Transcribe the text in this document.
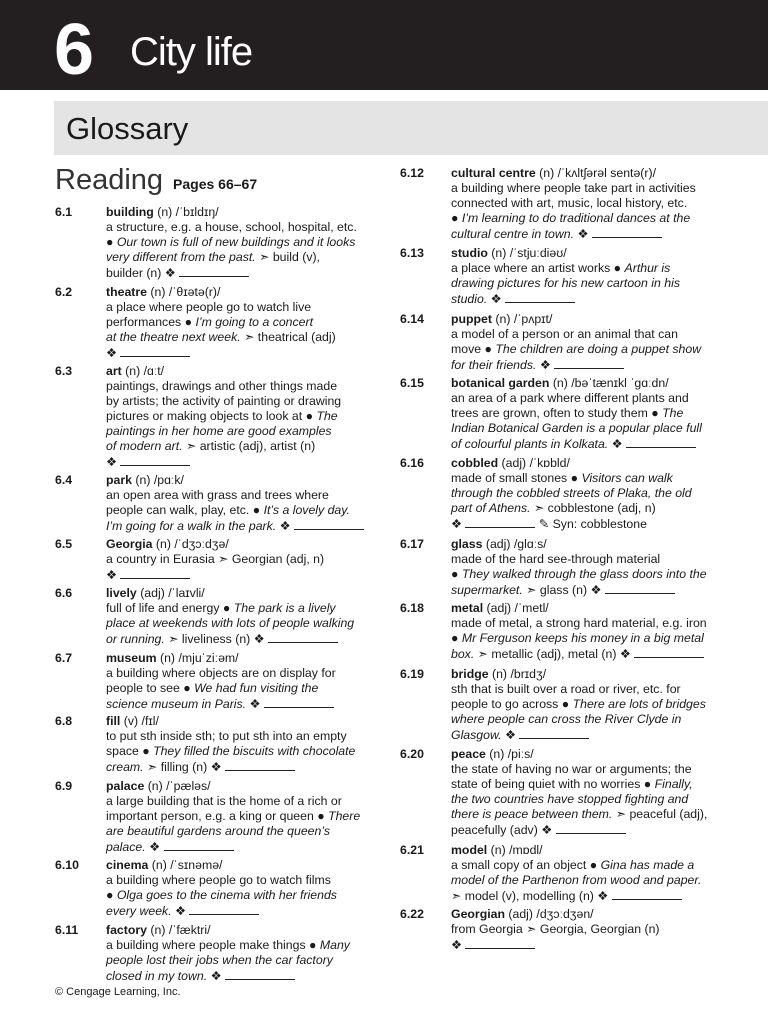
6 City life
Glossary
Reading Pages 66–67
6.1	building (n) /ˈbɪldɪŋ/
a structure, e.g. a house, school, hospital, etc.
● Our town is full of new buildings and it looks
very different from the past. ➣ build (v),
builder (n) ❖
6.2	theatre (n) /ˈθɪətə(r)/
a place where people go to watch live
performances ● I’m going to a concert
at the theatre next week. ➣ theatrical (adj)
❖
6.3	art (n) /ɑːt/
paintings, drawings and other things made
by artists; the activity of painting or drawing
pictures or making objects to look at ● The
paintings in her home are good examples
of modern art. ➣ artistic (adj), artist (n)
❖
6.4	park (n) /pɑːk/
an open area with grass and trees where
people can walk, play, etc. ● It’s a lovely day.
I’m going for a walk in the park. ❖
6.5	Georgia (n) /ˈdʒɔːdʒə/
a country in Eurasia ➣ Georgian (adj, n)
❖
6.6	lively (adj) /ˈlaɪvli/
full of life and energy ● The park is a lively
place at weekends with lots of people walking
or running. ➣ liveliness (n) ❖
6.7	museum (n) /mjuˈziːəm/
a building where objects are on display for
people to see ● We had fun visiting the
science museum in Paris. ❖
6.8	fill (v) /fɪl/
to put sth inside sth; to put sth into an empty
space ● They filled the biscuits with chocolate
cream. ➣ filling (n) ❖
6.9	palace (n) /ˈpæləs/
a large building that is the home of a rich or
important person, e.g. a king or queen ● There
are beautiful gardens around the queen’s
palace. ❖
6.10 cinema (n) /ˈsɪnəmə/
a building where people go to watch films
● Olga goes to the cinema with her friends
every week. ❖
6.11 factory (n) /ˈfæktri/
a building where people make things ● Many
people lost their jobs when the car factory
closed in my town. ❖
6.12 cultural centre (n) /ˈkʌltʃərəl sentə(r)/
a building where people take part in activities
connected with art, music, local history, etc.
● I’m learning to do traditional dances at the
cultural centre in town. ❖
6.13 studio (n) /ˈstjuːdiəʊ/
a place where an artist works ● Arthur is
drawing pictures for his new cartoon in his
studio. ❖
6.14 puppet (n) /ˈpʌpɪt/
a model of a person or an animal that can
move ● The children are doing a puppet show
for their friends. ❖
6.15 botanical garden (n) /bəˈtænɪkl ˈgɑːdn/
an area of a park where different plants and
trees are grown, often to study them ● The
Indian Botanical Garden is a popular place full
of colourful plants in Kolkata. ❖
6.16 cobbled (adj) /ˈkɒbld/
made of small stones ● Visitors can walk
through the cobbled streets of Plaka, the old
part of Athens. ➣ cobblestone (adj, n)
❖	✎ Syn: cobblestone
6.17 glass (adj) /glɑːs/
made of the hard see-through material
● They walked through the glass doors into the
supermarket. ➣ glass (n) ❖
6.18 metal (adj) /ˈmetl/
made of metal, a strong hard material, e.g. iron
● Mr Ferguson keeps his money in a big metal
box. ➣ metallic (adj), metal (n) ❖
6.19 bridge (n) /brɪdʒ/
sth that is built over a road or river, etc. for
people to go across ● There are lots of bridges
where people can cross the River Clyde in
Glasgow. ❖
6.20 peace (n) /piːs/
the state of having no war or arguments; the
state of being quiet with no worries ● Finally,
the two countries have stopped fighting and
there is peace between them. ➣ peaceful (adj),
peacefully (adv) ❖
6.21 model (n) /mɒdl/
a small copy of an object ● Gina has made a
model of the Parthenon from wood and paper.
➣ model (v), modelling (n) ❖
6.22 Georgian (adj) /dʒɔːdʒən/
from Georgia ➣ Georgia, Georgian (n)
❖
© Cengage Learning, Inc.
